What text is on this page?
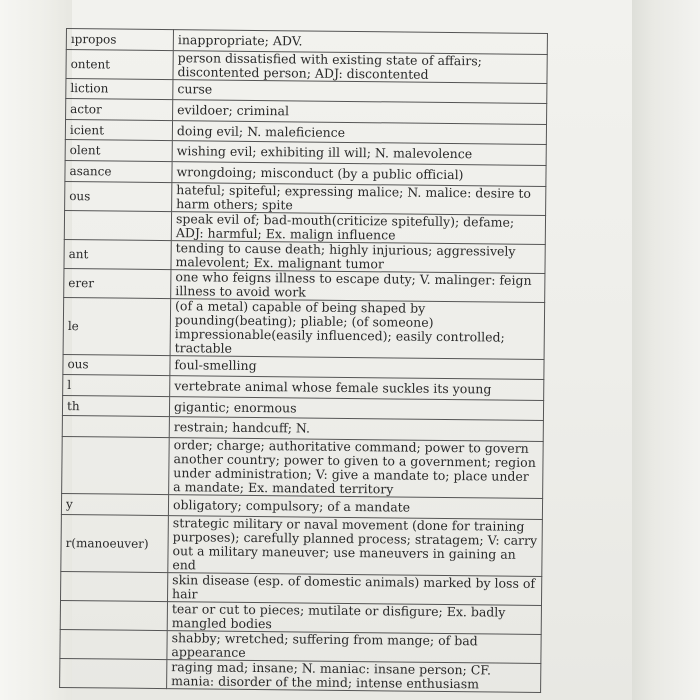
ıpropos	inappropriate; ADV.
ontent	person dissatisfied with existing state of affairs; discontented person; ADJ: discontented
liction	curse
actor	evildoer; criminal
icient	doing evil; N. maleficience
olent	wishing evil; exhibiting ill will; N. malevolence
asance	wrongdoing; misconduct (by a public official)
ous	hateful; spiteful; expressing malice; N. malice: desire to harm others; spite
	speak evil of; bad-mouth(criticize spitefully); defame; ADJ: harmful; Ex. malign influence
ant	tending to cause death; highly injurious; aggressively malevolent; Ex. malignant tumor
erer	one who feigns illness to escape duty; V. malinger: feign illness to avoid work
le	(of a metal) capable of being shaped by pounding(beating); pliable; (of someone) impressionable(easily influenced); easily controlled; tractable
ous	foul-smelling
l	vertebrate animal whose female suckles its young
th	gigantic; enormous
	restrain; handcuff; N.
	order; charge; authoritative command; power to govern another country; power to given to a government; region under administration; V: give a mandate to; place under a mandate; Ex. mandated territory
y	obligatory; compulsory; of a mandate
r(manoeuver)	strategic military or naval movement (done for training purposes); carefully planned process; stratagem; V: carry out a military maneuver; use maneuvers in gaining an end
	skin disease (esp. of domestic animals) marked by loss of hair
	tear or cut to pieces; mutilate or disfigure; Ex. badly mangled bodies
	shabby; wretched; suffering from mange; of bad appearance
	raging mad; insane; N. maniac: insane person; CF. mania: disorder of the mind; intense enthusiasm
